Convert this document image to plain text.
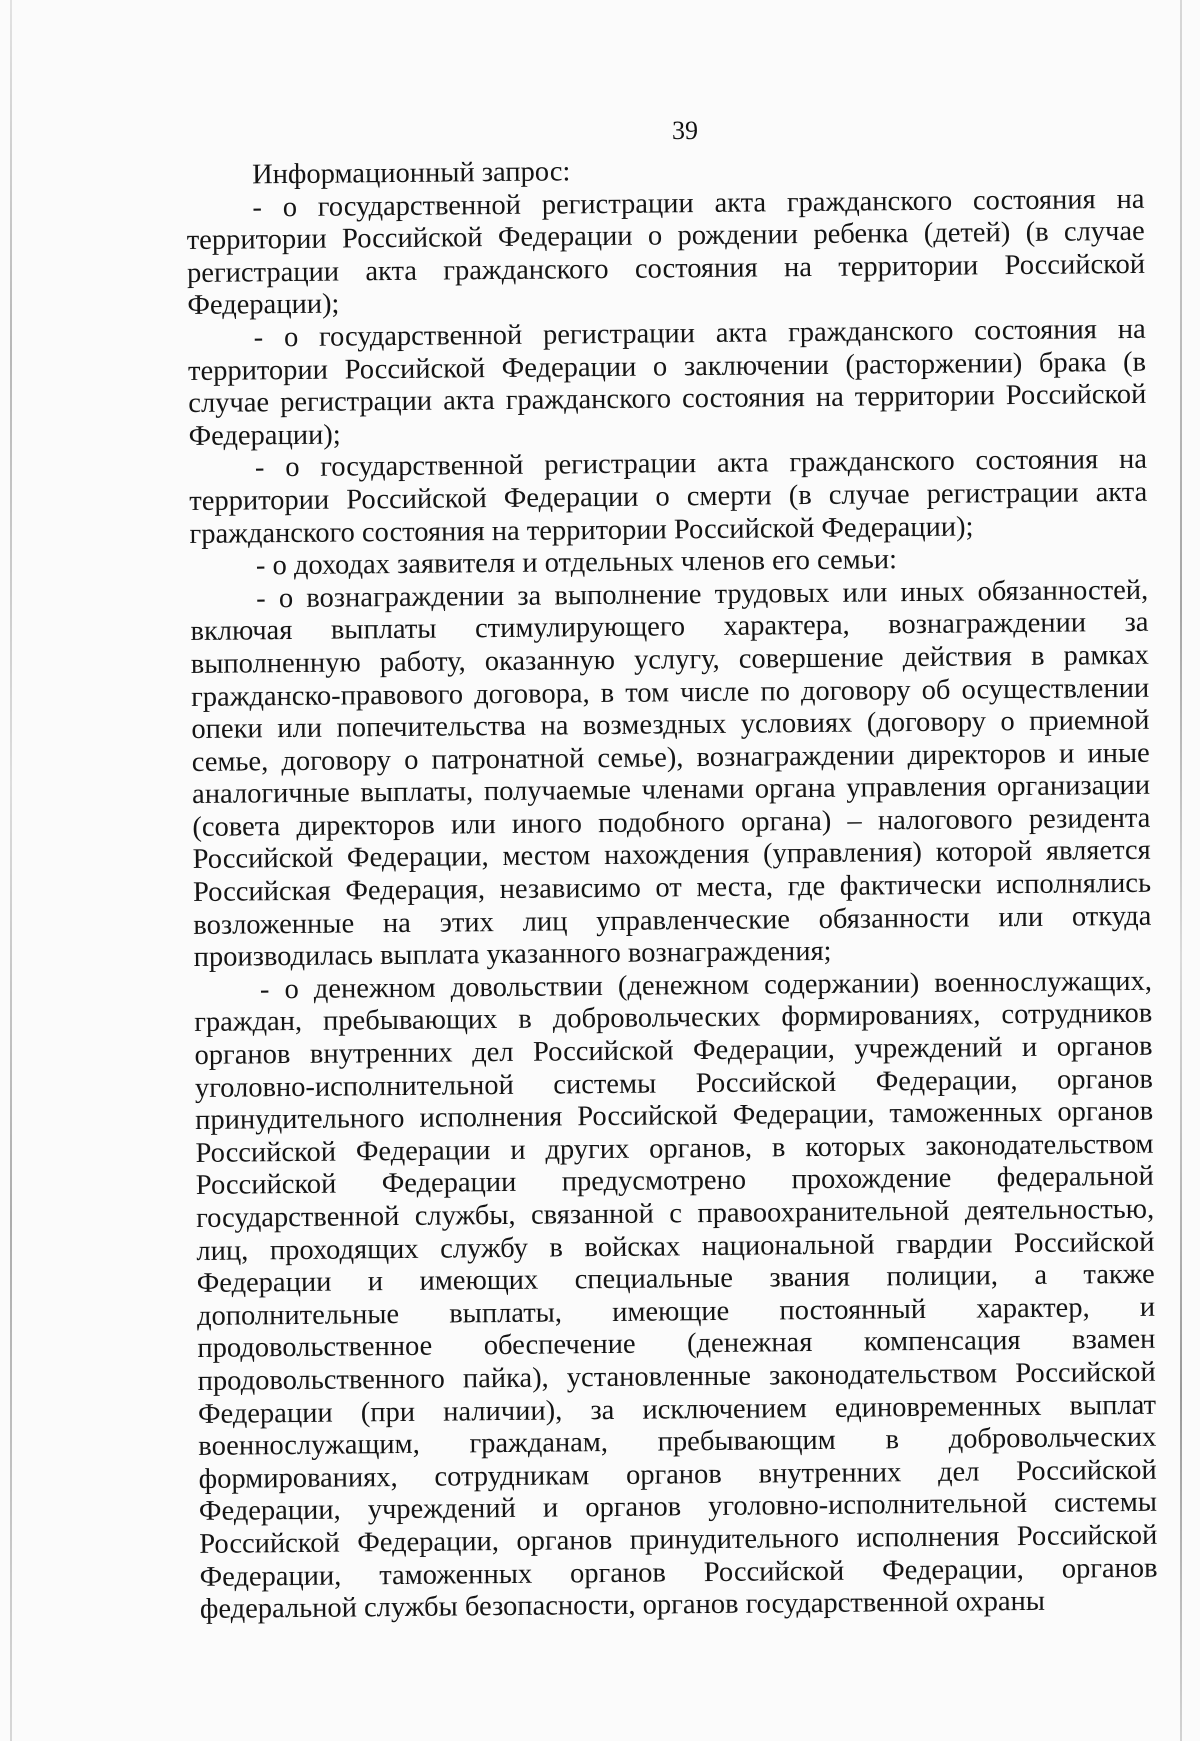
39

Информационный запрос:

- о государственной регистрации акта гражданского состояния на территории Российской Федерации о рождении ребенка (детей) (в случае регистрации акта гражданского состояния на территории Российской Федерации);

- о государственной регистрации акта гражданского состояния на территории Российской Федерации о заключении (расторжении) брака (в случае регистрации акта гражданского состояния на территории Российской Федерации);

- о государственной регистрации акта гражданского состояния на территории Российской Федерации о смерти (в случае регистрации акта гражданского состояния на территории Российской Федерации);

- о доходах заявителя и отдельных членов его семьи:

- о вознаграждении за выполнение трудовых или иных обязанностей, включая выплаты стимулирующего характера, вознаграждении за выполненную работу, оказанную услугу, совершение действия в рамках гражданско-правового договора, в том числе по договору об осуществлении опеки или попечительства на возмездных условиях (договору о приемной семье, договору о патронатной семье), вознаграждении директоров и иные аналогичные выплаты, получаемые членами органа управления организации (совета директоров или иного подобного органа) – налогового резидента Российской Федерации, местом нахождения (управления) которой является Российская Федерация, независимо от места, где фактически исполнялись возложенные на этих лиц управленческие обязанности или откуда производилась выплата указанного вознаграждения;

- о денежном довольствии (денежном содержании) военнослужащих, граждан, пребывающих в добровольческих формированиях, сотрудников органов внутренних дел Российской Федерации, учреждений и органов уголовно-исполнительной системы Российской Федерации, органов принудительного исполнения Российской Федерации, таможенных органов Российской Федерации и других органов, в которых законодательством Российской Федерации предусмотрено прохождение федеральной государственной службы, связанной с правоохранительной деятельностью, лиц, проходящих службу в войсках национальной гвардии Российской Федерации и имеющих специальные звания полиции, а также дополнительные выплаты, имеющие постоянный характер, и продовольственное обеспечение (денежная компенсация взамен продовольственного пайка), установленные законодательством Российской Федерации (при наличии), за исключением единовременных выплат военнослужащим, гражданам, пребывающим в добровольческих формированиях, сотрудникам органов внутренних дел Российской Федерации, учреждений и органов уголовно-исполнительной системы Российской Федерации, органов принудительного исполнения Российской Федерации, таможенных органов Российской Федерации, органов федеральной службы безопасности, органов государственной охраны
